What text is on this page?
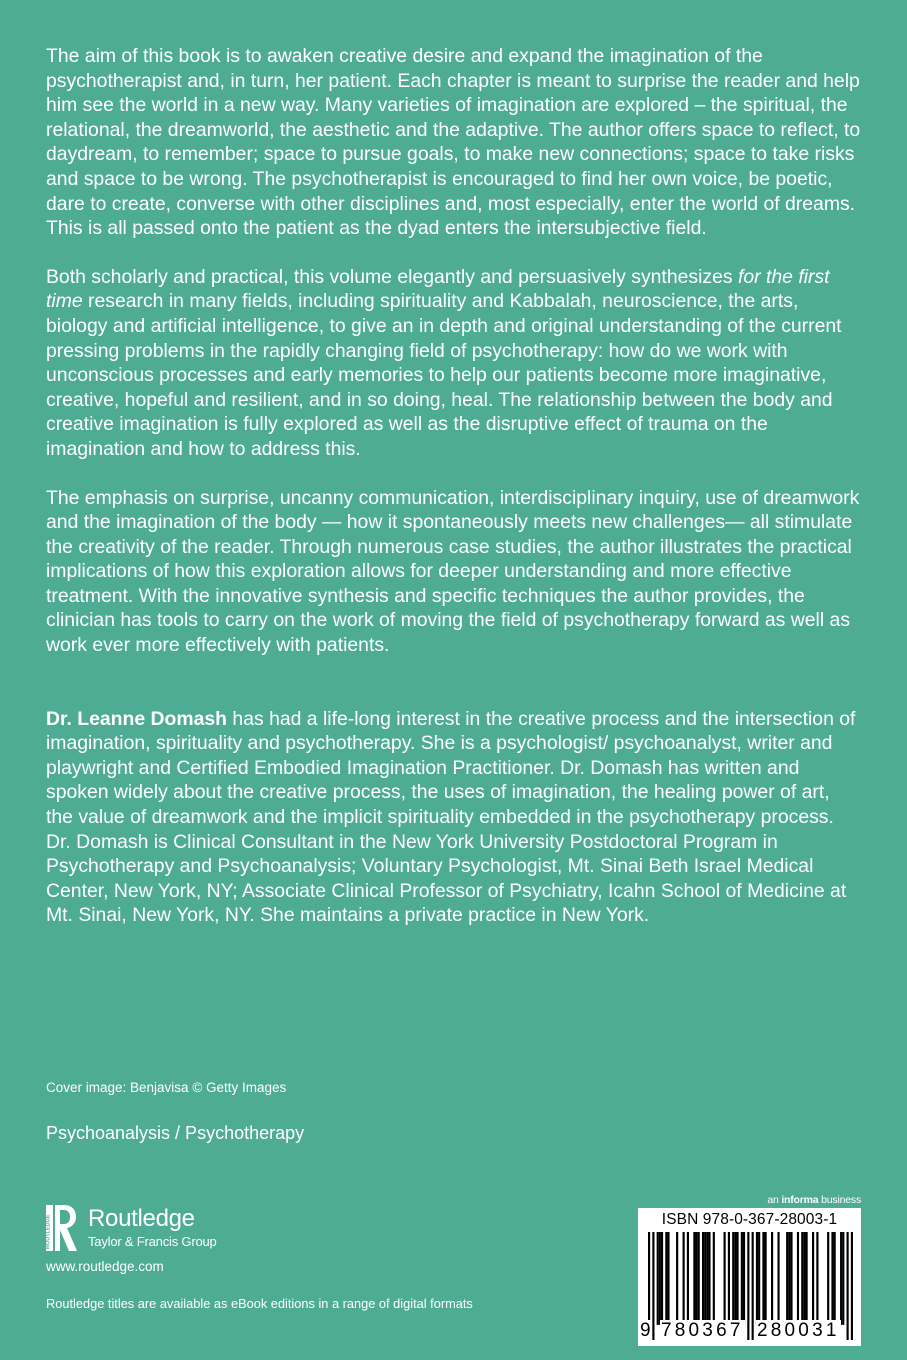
The aim of this book is to awaken creative desire and expand the imagination of the psychotherapist and, in turn, her patient. Each chapter is meant to surprise the reader and help him see the world in a new way. Many varieties of imagination are explored – the spiritual, the relational, the dreamworld, the aesthetic and the adaptive. The author offers space to reflect, to daydream, to remember; space to pursue goals, to make new connections; space to take risks and space to be wrong. The psychotherapist is encouraged to find her own voice, be poetic, dare to create, converse with other disciplines and, most especially, enter the world of dreams. This is all passed onto the patient as the dyad enters the intersubjective field.

Both scholarly and practical, this volume elegantly and persuasively synthesizes for the first time research in many fields, including spirituality and Kabbalah, neuroscience, the arts, biology and artificial intelligence, to give an in depth and original understanding of the current pressing problems in the rapidly changing field of psychotherapy: how do we work with unconscious processes and early memories to help our patients become more imaginative, creative, hopeful and resilient, and in so doing, heal. The relationship between the body and creative imagination is fully explored as well as the disruptive effect of trauma on the imagination and how to address this.

The emphasis on surprise, uncanny communication, interdisciplinary inquiry, use of dreamwork and the imagination of the body — how it spontaneously meets new challenges— all stimulate the creativity of the reader. Through numerous case studies, the author illustrates the practical implications of how this exploration allows for deeper understanding and more effective treatment. With the innovative synthesis and specific techniques the author provides, the clinician has tools to carry on the work of moving the field of psychotherapy forward as well as work ever more effectively with patients.

Dr. Leanne Domash has had a life-long interest in the creative process and the intersection of imagination, spirituality and psychotherapy. She is a psychologist/ psychoanalyst, writer and playwright and Certified Embodied Imagination Practitioner. Dr. Domash has written and spoken widely about the creative process, the uses of imagination, the healing power of art, the value of dreamwork and the implicit spirituality embedded in the psychotherapy process. Dr. Domash is Clinical Consultant in the New York University Postdoctoral Program in Psychotherapy and Psychoanalysis; Voluntary Psychologist, Mt. Sinai Beth Israel Medical Center, New York, NY; Associate Clinical Professor of Psychiatry, Icahn School of Medicine at Mt. Sinai, New York, NY. She maintains a private practice in New York.

Cover image: Benjavisa © Getty Images
Psychoanalysis / Psychotherapy
ROUTLEDGE Routledge
Taylor & Francis Group
www.routledge.com
Routledge titles are available as eBook editions in a range of digital formats
an informa business
ISBN 978-0-367-28003-1
9 780367 280031
